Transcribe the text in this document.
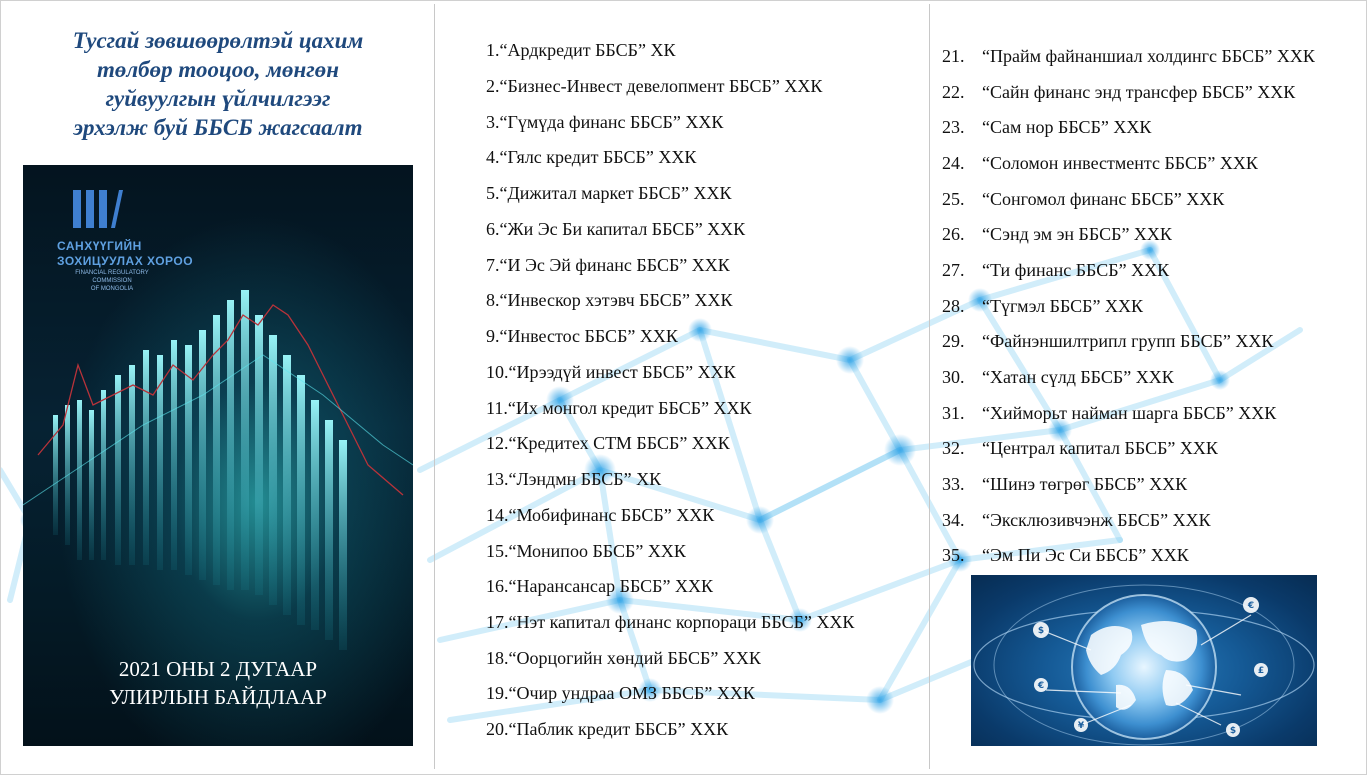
Тусгай зөвшөөрөлтэй цахим
төлбөр тооцоо, мөнгөн
гуйвуулгын үйлчилгээг
эрхэлж буй ББСБ жагсаалт
САНХҮҮГИЙН
ЗОХИЦУУЛАХ ХОРОО
FINANCIAL REGULATORY COMMISSION
OF MONGOLIA
2021 ОНЫ 2 ДУГААР
УЛИРЛЫН БАЙДЛААР
1.“Ардкредит ББСБ” ХК
2.“Бизнес-Инвест девелопмент ББСБ” ХХК
3.“Гүмүда финанс ББСБ” ХХК
4.“Гялс кредит ББСБ” ХХК
5.“Дижитал маркет ББСБ” ХХК
6.“Жи Эс Би капитал ББСБ” ХХК
7.“И Эс Эй финанс ББСБ” ХХК
8.“Инвескор хэтэвч ББСБ” ХХК
9.“Инвестос ББСБ” ХХК
10.“Ирээдүй инвест ББСБ” ХХК
11.“Их монгол кредит ББСБ” ХХК
12.“Кредитех СТМ ББСБ” ХХК
13.“Лэндмн ББСБ” ХК
14.“Мобифинанс ББСБ” ХХК
15.“Монипоо ББСБ” ХХК
16.“Нарансансар ББСБ” ХХК
17.“Нэт капитал финанс корпораци ББСБ” ХХК
18.“Оорцогийн хөндий ББСБ” ХХК
19.“Очир ундраа ОМЗ ББСБ” ХХК
20.“Паблик кредит ББСБ” ХХК
21. “Прайм файнаншиал холдингс ББСБ” ХХК
22. “Сайн финанс энд трансфер ББСБ” ХХК
23. “Сам нор ББСБ” ХХК
24. “Соломон инвестментс ББСБ” ХХК
25. “Сонгомол финанс ББСБ” ХХК
26. “Сэнд эм эн ББСБ” ХХК
27. “Ти финанс ББСБ” ХХК
28. “Түгмэл ББСБ” ХХК
29. “Файнэншилтрипл групп ББСБ” ХХК
30. “Хатан сүлд ББСБ” ХХК
31. “Хийморьт найман шарга ББСБ” ХХК
32. “Централ капитал ББСБ” ХХК
33. “Шинэ төгрөг ББСБ” ХХК
34. “Эксклюзивчэнж ББСБ” ХХК
35. “Эм Пи Эс Си ББСБ” ХХК
$
€
€
£
¥	$
